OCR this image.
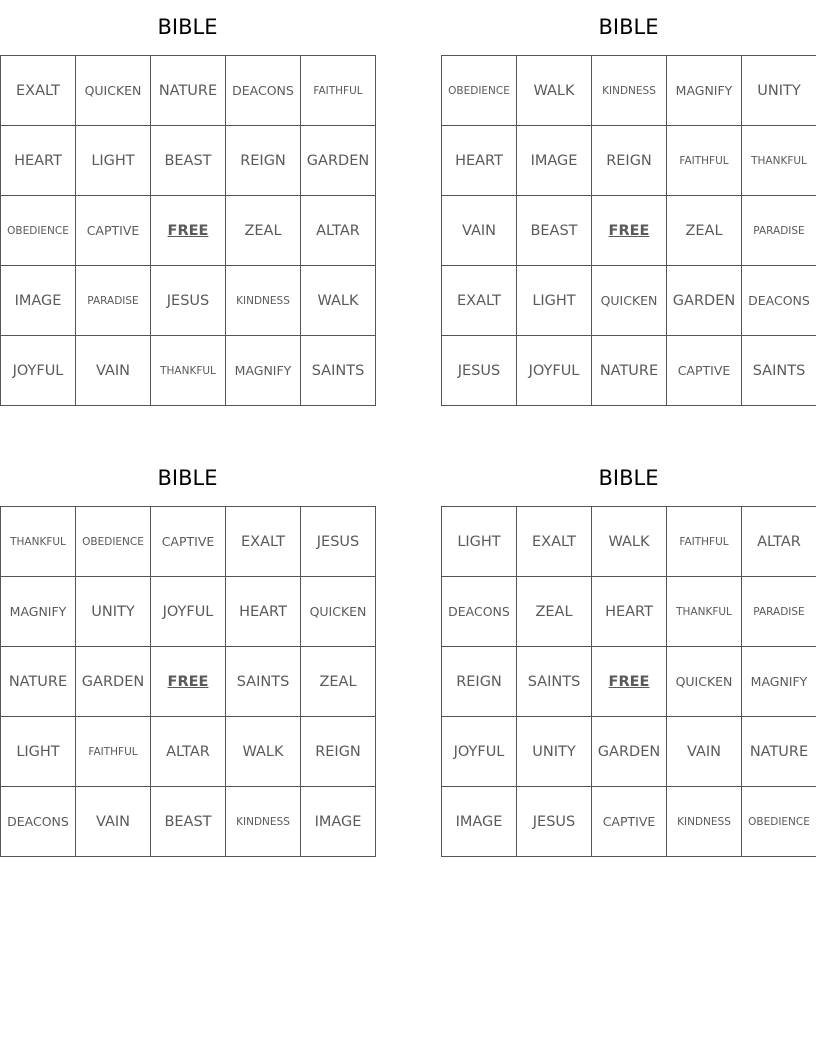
BIBLE
EXALT	QUICKEN	NATURE	DEACONS	FAITHFUL
HEART	LIGHT	BEAST	REIGN	GARDEN
OBEDIENCE	CAPTIVE	FREE	ZEAL	ALTAR
IMAGE	PARADISE	JESUS	KINDNESS	WALK
JOYFUL	VAIN	THANKFUL	MAGNIFY	SAINTS
BIBLE
OBEDIENCE	WALK	KINDNESS	MAGNIFY	UNITY
HEART	IMAGE	REIGN	FAITHFUL	THANKFUL
VAIN	BEAST	FREE	ZEAL	PARADISE
EXALT	LIGHT	QUICKEN	GARDEN	DEACONS
JESUS	JOYFUL	NATURE	CAPTIVE	SAINTS
BIBLE
THANKFUL	OBEDIENCE	CAPTIVE	EXALT	JESUS
MAGNIFY	UNITY	JOYFUL	HEART	QUICKEN
NATURE	GARDEN	FREE	SAINTS	ZEAL
LIGHT	FAITHFUL	ALTAR	WALK	REIGN
DEACONS	VAIN	BEAST	KINDNESS	IMAGE
BIBLE
LIGHT	EXALT	WALK	FAITHFUL	ALTAR
DEACONS	ZEAL	HEART	THANKFUL	PARADISE
REIGN	SAINTS	FREE	QUICKEN	MAGNIFY
JOYFUL	UNITY	GARDEN	VAIN	NATURE
IMAGE	JESUS	CAPTIVE	KINDNESS	OBEDIENCE
